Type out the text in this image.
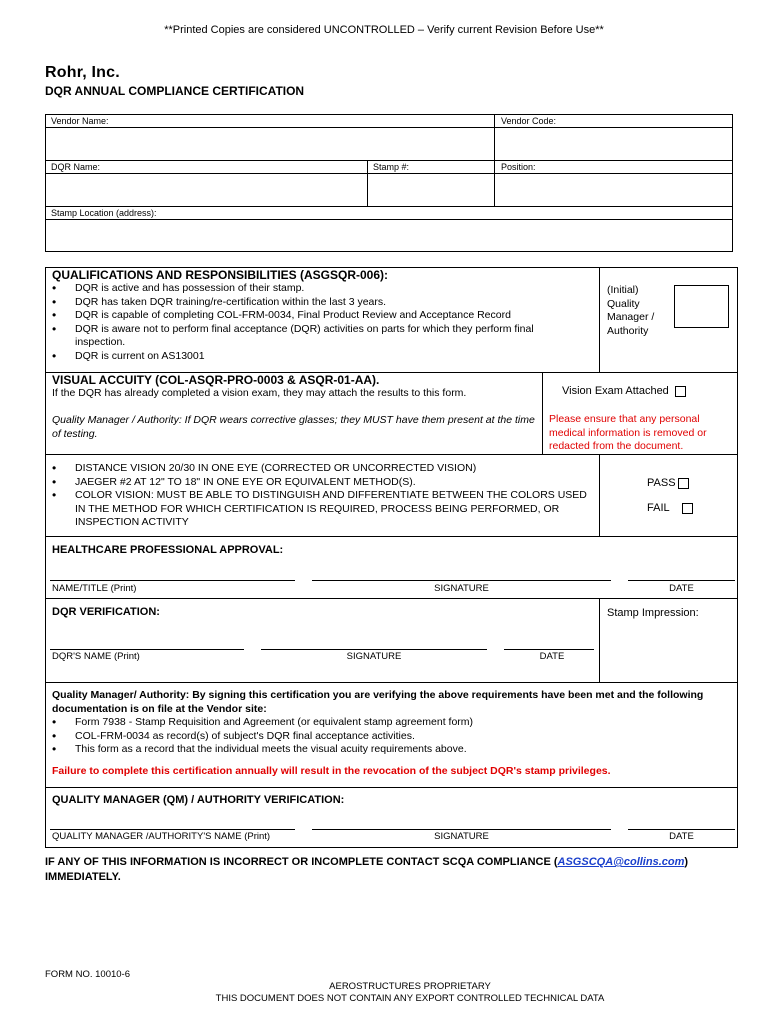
**Printed Copies are considered UNCONTROLLED – Verify current Revision Before Use**
Rohr, Inc.
DQR ANNUAL COMPLIANCE CERTIFICATION
Vendor Name:	Vendor Code:
DQR Name:	Stamp #:	Position:
Stamp Location (address):
QUALIFICATIONS AND RESPONSIBILITIES (ASGSQR-006):
• DQR is active and has possession of their stamp.
• DQR has taken DQR training/re-certification within the last 3 years.
• DQR is capable of completing COL-FRM-0034, Final Product Review and Acceptance Record
• DQR is aware not to perform final acceptance (DQR) activities on parts for which they perform final inspection.
• DQR is current on AS13001
(Initial) Quality Manager / Authority
VISUAL ACCUITY (COL-ASQR-PRO-0003 & ASQR-01-AA).
If the DQR has already completed a vision exam, they may attach the results to this form.
Quality Manager / Authority: If DQR wears corrective glasses; they MUST have them present at the time of testing.
Vision Exam Attached
Please ensure that any personal medical information is removed or redacted from the document.
• DISTANCE VISION 20/30 IN ONE EYE (CORRECTED OR UNCORRECTED VISION)
• JAEGER #2 AT 12" TO 18" IN ONE EYE OR EQUIVALENT METHOD(S).
• COLOR VISION: MUST BE ABLE TO DISTINGUISH AND DIFFERENTIATE BETWEEN THE COLORS USED IN THE METHOD FOR WHICH CERTIFICATION IS REQUIRED, PROCESS BEING PERFORMED, OR INSPECTION ACTIVITY
PASS
FAIL
HEALTHCARE PROFESSIONAL APPROVAL:
NAME/TITLE (Print)	SIGNATURE	DATE
DQR VERIFICATION:
DQR'S NAME (Print)	SIGNATURE	DATE
Stamp Impression:
Quality Manager/ Authority: By signing this certification you are verifying the above requirements have been met and the following documentation is on file at the Vendor site:
• Form 7938 - Stamp Requisition and Agreement (or equivalent stamp agreement form)
• COL-FRM-0034 as record(s) of subject's DQR final acceptance activities.
• This form as a record that the individual meets the visual acuity requirements above.
Failure to complete this certification annually will result in the revocation of the subject DQR's stamp privileges.
QUALITY MANAGER (QM) / AUTHORITY VERIFICATION:
QUALITY MANAGER /AUTHORITY'S NAME (Print)	SIGNATURE	DATE
IF ANY OF THIS INFORMATION IS INCORRECT OR INCOMPLETE CONTACT SCQA COMPLIANCE (ASGSCQA@collins.com)
IMMEDIATELY.
FORM NO. 10010-6
AEROSTRUCTURES PROPRIETARY
THIS DOCUMENT DOES NOT CONTAIN ANY EXPORT CONTROLLED TECHNICAL DATA
